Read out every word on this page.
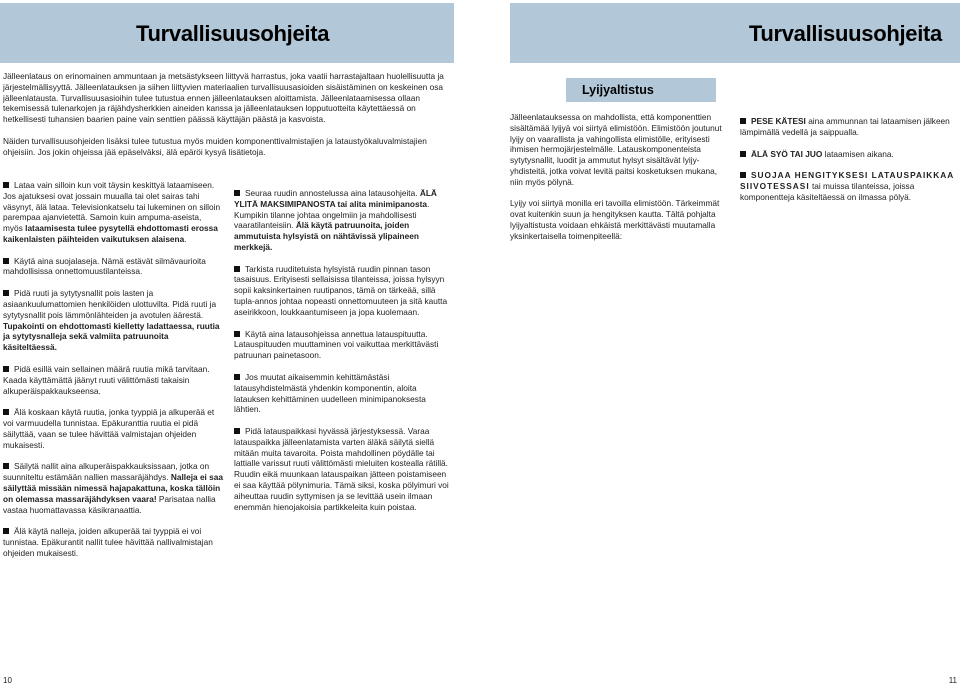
Turvallisuusohjeita	Turvallisuusohjeita

Jälleenlataus on erinomainen ammuntaan ja metsästykseen liittyvä harrastus, joka vaatii harrastajaltaan huolellisuutta ja järjestelmällisyyttä. Jälleenlatauksen ja siihen liittyvien materiaalien turvallisuusasioiden sisäistäminen on keskeinen osa jälleenlatausta. Turvallisuusasioihin tulee tutustua ennen jälleenlatauksen aloittamista. Jälleenlataamisessa ollaan tekemisessä tulenarkojen ja räjähdysherkkien aineiden kanssa ja jälleenlatauksen lopputuotteita käytettäessä on hetkellisesti tuhansien baarien paine vain senttien päässä käyttäjän päästä ja kasvoista.

Näiden turvallisuusohjeiden lisäksi tulee tutustua myös muiden komponenttivalmistajien ja lataustyökaluvalmistajien ohjeisiin. Jos jokin ohjeissa jää epäselväksi, älä epäröi kysyä lisätietoja.

Lataa vain silloin kun voit täysin keskittyä lataamiseen. Jos ajatuksesi ovat jossain muualla tai olet sairas tahi väsynyt, älä lataa. Televisionkatselu tai lukeminen on silloin parempaa ajanvietettä. Samoin kuin ampuma-aseista, myös lataamisesta tulee pysytellä ehdottomasti erossa kaikenlaisten päihteiden vaikutuksen alaisena.

Käytä aina suojalaseja. Nämä estävät silmävaurioita mahdollisissa onnettomuustilanteissa.

Pidä ruuti ja sytytysnallit pois lasten ja asiaankuulumattomien henkilöiden ulottuvilta. Pidä ruuti ja sytytysnallit pois lämmönlähteiden ja avotulen äärestä. Tupakointi on ehdottomasti kielletty ladattaessa, ruutia ja sytytysnalleja sekä valmiita patruunoita käsiteltäessä.

Pidä esillä vain sellainen määrä ruutia mikä tarvitaan. Kaada käyttämättä jäänyt ruuti välittömästi takaisin alkuperäispakkaukseensa.

Älä koskaan käytä ruutia, jonka tyyppiä ja alkuperää et voi varmuudella tunnistaa. Epäkuranttia ruutia ei pidä säilyttää, vaan se tulee hävittää valmistajan ohjeiden mukaisesti.

Säilytä nallit aina alkuperäispakkauksissaan, jotka on suunniteltu estämään nallien massaräjähdys. Nalleja ei saa säilyttää missään nimessä hajapakattuna, koska tällöin on olemassa massaräjähdyksen vaara! Parisataa nallia vastaa huomattavassa käsikranaattia.

Älä käytä nalleja, joiden alkuperää tai tyyppiä ei voi tunnistaa. Epäkurantit nallit tulee hävittää nallivalmistajan ohjeiden mukaisesti.

Seuraa ruudin annostelussa aina latausohjeita. ÄLÄ YLITÄ MAKSIMIPANOSTA tai alita minimipanosta. Kumpikin tilanne johtaa ongelmiin ja mahdollisesti vaaratilanteisiin. Älä käytä patruunoita, joiden ammutuista hylsyistä on nähtävissä ylipaineen merkkejä.

Tarkista ruuditetuista hylsyistä ruudin pinnan tason tasaisuus. Erityisesti sellaisissa tilanteissa, joissa hylsyyn sopii kaksinkertainen ruutipanos, tämä on tärkeää, sillä tupla-annos johtaa nopeasti onnettomuuteen ja sitä kautta aseirikkoon, loukkaantumiseen ja jopa kuolemaan.

Käytä aina latausohjeissa annettua latauspituutta. Latauspituuden muuttaminen voi vaikuttaa merkittävästi patruunan painetasoon.

Jos muutat aikaisemmin kehittämästäsi latausyhdistelmästä yhdenkin komponentin, aloita latauksen kehittäminen uudelleen minimipanoksesta lähtien.

Pidä latauspaikkasi hyvässä järjestyksessä. Varaa latauspaikka jälleenlatamista varten äläkä säilytä siellä mitään muita tavaroita. Poista mahdollinen pöydälle tai lattialle varissut ruuti välittömästi mieluiten kostealla rätillä. Ruudin eikä muunkaan latauspaikan jätteen poistamiseen ei saa käyttää pölynimuria. Tämä siksi, koska pölyimuri voi aiheuttaa ruudin syttymisen ja se levittää usein ilmaan enemmän hienojakoisia partikkeleita kuin poistaa.

Lyijyaltistus

Jälleenlatauksessa on mahdollista, että komponenttien sisältämää lyijyä voi siirtyä elimistöön. Elimistöön joutunut lyijy on vaarallista ja vahingollista elimistölle, erityisesti ihmisen hermojärjestelmälle. Latauskomponenteista sytytysnallit, luodit ja ammutut hylsyt sisältävät lyijy-yhdisteitä, jotka voivat levitä paitsi kosketuksen mukana, niin myös pölynä.

Lyijy voi siirtyä monilla eri tavoilla elimistöön. Tärkeimmät ovat kuitenkin suun ja hengityksen kautta. Tältä pohjalta lyijyaltistusta voidaan ehkäistä merkittävästi muutamalla yksinkertaisella toimenpiteellä:

PESE KÄTESI aina ammunnan tai lataamisen jälkeen lämpimällä vedellä ja saippualla.

ÄLÄ SYÖ TAI JUO lataamisen aikana.

SUOJAA HENGITYKSESI LATAUSPAIKKAA SIIVOTESSASI tai muissa tilanteissa, joissa komponentteja käsiteltäessä on ilmassa pölyä.

10	11
